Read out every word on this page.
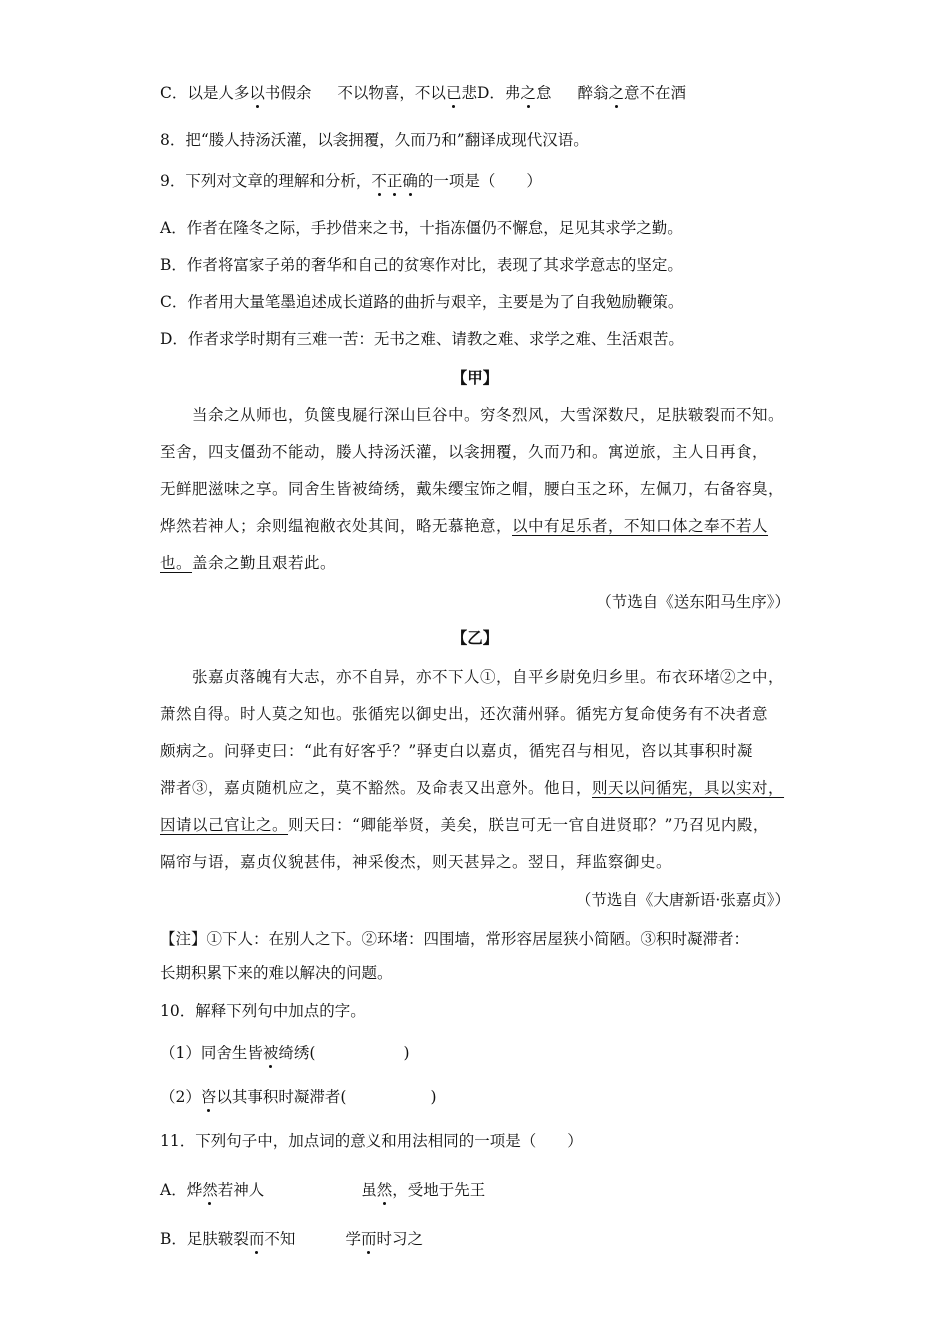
C．以是人多以书假余 不以物喜，不以已悲D．弗之怠 醉翁之意不在酒
8．把“媵人持汤沃灌，以衾拥覆，久而乃和”翻译成现代汉语。
9．下列对文章的理解和分析，不正确的一项是（　　）
A．作者在隆冬之际，手抄借来之书，十指冻僵仍不懈怠，足见其求学之勤。
B．作者将富家子弟的奢华和自己的贫寒作对比，表现了其求学意志的坚定。
C．作者用大量笔墨追述成长道路的曲折与艰辛，主要是为了自我勉励鞭策。
D．作者求学时期有三难一苦：无书之难、请教之难、求学之难、生活艰苦。
【甲】
当余之从师也，负箧曳屣行深山巨谷中。穷冬烈风，大雪深数尺，足肤皲裂而不知。
至舍，四支僵劲不能动，媵人持汤沃灌，以衾拥覆，久而乃和。寓逆旅，主人日再食，
无鲜肥滋味之享。同舍生皆被绮绣，戴朱缨宝饰之帽，腰白玉之环，左佩刀，右备容臭，
烨然若神人；余则缊袍敝衣处其间，略无慕艳意，以中有足乐者，不知口体之奉不若人
也。盖余之勤且艰若此。
（节选自《送东阳马生序》）
【乙】
张嘉贞落魄有大志，亦不自异，亦不下人①，自平乡尉免归乡里。布衣环堵②之中，
萧然自得。时人莫之知也。张循宪以御史出，还次蒲州驿。循宪方复命使务有不决者意
颇病之。问驿吏曰：“此有好客乎？”驿吏白以嘉贞，循宪召与相见，咨以其事积时凝
滞者③，嘉贞随机应之，莫不豁然。及命表又出意外。他日，则天以问循宪，具以实对，
因请以己官让之。则天曰：“卿能举贤，美矣，朕岂可无一官自进贤耶？”乃召见内殿，
隔帘与语，嘉贞仪貌甚伟，神采俊杰，则天甚异之。翌日，拜监察御史。
（节选自《大唐新语·张嘉贞》）
【注】①下人：在别人之下。②环堵：四围墙，常形容居屋狭小简陋。③积时凝滞者：
长期积累下来的难以解决的问题。
10．解释下列句中加点的字。
（1）同舍生皆被绮绣(	)
（2）咨以其事积时凝滞者(	)
11．下列句子中，加点词的意义和用法相同的一项是（　　）
A．烨然若神人	虽然，受地于先王
B．足肤皲裂而不知	学而时习之
